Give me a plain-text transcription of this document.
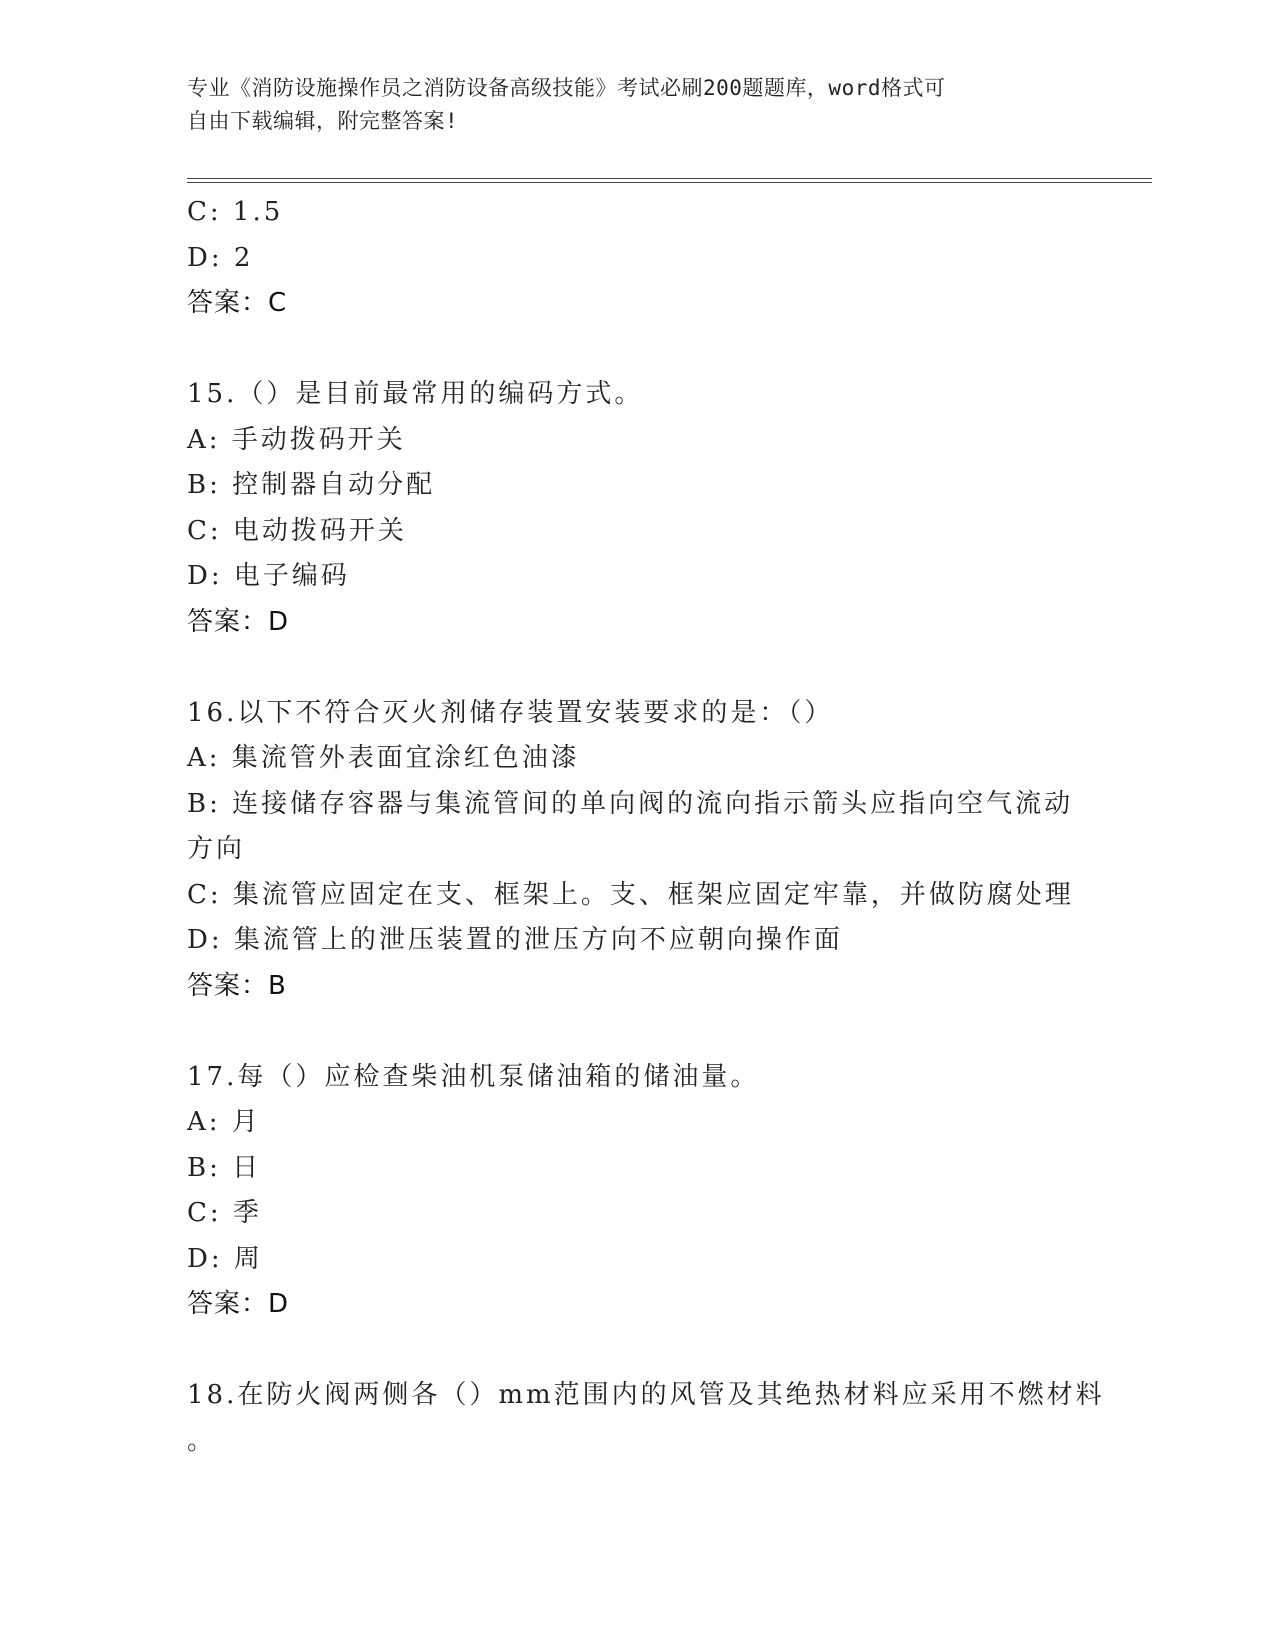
专业《消防设施操作员之消防设备高级技能》考试必刷200题题库，word格式可
自由下载编辑，附完整答案!
C: 1.5
D: 2
答案：C
15.（）是目前最常用的编码方式。
A: 手动拨码开关
B: 控制器自动分配
C: 电动拨码开关
D: 电子编码
答案：D
16.以下不符合灭火剂储存装置安装要求的是：（）
A: 集流管外表面宜涂红色油漆
B: 连接储存容器与集流管间的单向阀的流向指示箭头应指向空气流动
方向
C: 集流管应固定在支、框架上。支、框架应固定牢靠，并做防腐处理
D: 集流管上的泄压装置的泄压方向不应朝向操作面
答案：B
17.每（）应检查柴油机泵储油箱的储油量。
A: 月
B: 日
C: 季
D: 周
答案：D
18.在防火阀两侧各（）mm范围内的风管及其绝热材料应采用不燃材料
。
